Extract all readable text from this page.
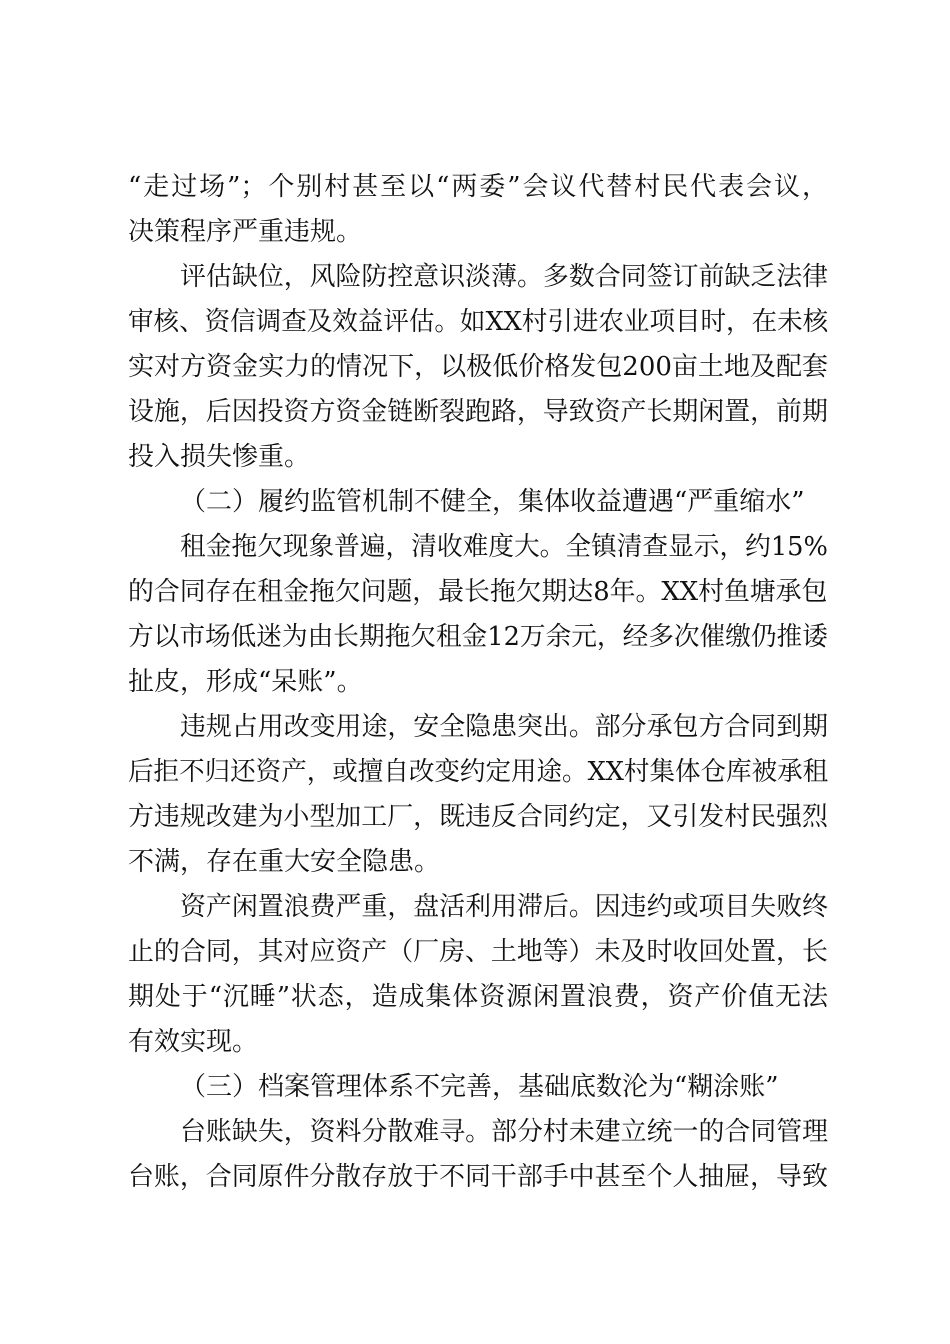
“走过场”；个别村甚至以“两委”会议代替村民代表会议，
决策程序严重违规。
评估缺位，风险防控意识淡薄。多数合同签订前缺乏法律
审核、资信调查及效益评估。如XX村引进农业项目时，在未核
实对方资金实力的情况下，以极低价格发包200亩土地及配套
设施，后因投资方资金链断裂跑路，导致资产长期闲置，前期
投入损失惨重。
（二）履约监管机制不健全，集体收益遭遇“严重缩水”
租金拖欠现象普遍，清收难度大。全镇清查显示，约15%
的合同存在租金拖欠问题，最长拖欠期达8年。XX村鱼塘承包
方以市场低迷为由长期拖欠租金12万余元，经多次催缴仍推诿
扯皮，形成“呆账”。
违规占用改变用途，安全隐患突出。部分承包方合同到期
后拒不归还资产，或擅自改变约定用途。XX村集体仓库被承租
方违规改建为小型加工厂，既违反合同约定，又引发村民强烈
不满，存在重大安全隐患。
资产闲置浪费严重，盘活利用滞后。因违约或项目失败终
止的合同，其对应资产（厂房、土地等）未及时收回处置，长
期处于“沉睡”状态，造成集体资源闲置浪费，资产价值无法
有效实现。
（三）档案管理体系不完善，基础底数沦为“糊涂账”
台账缺失，资料分散难寻。部分村未建立统一的合同管理
台账，合同原件分散存放于不同干部手中甚至个人抽屉，导致
